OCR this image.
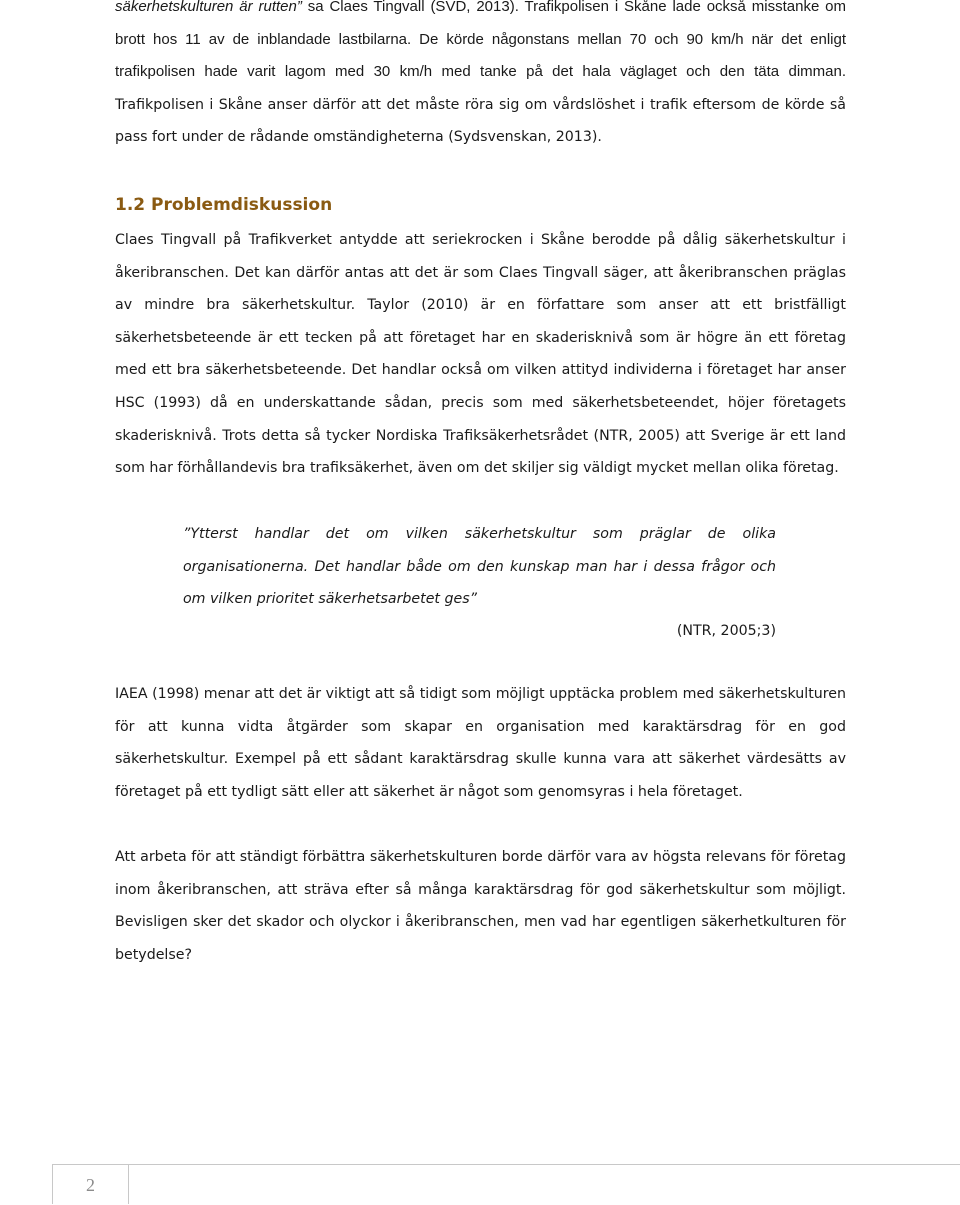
säkerhetskulturen är rutten” sa Claes Tingvall (SVD, 2013). Trafikpolisen i Skåne lade också misstanke om brott hos 11 av de inblandade lastbilarna. De körde någonstans mellan 70 och 90 km/h när det enligt trafikpolisen hade varit lagom med 30 km/h med tanke på det hala väglaget och den täta dimman. Trafikpolisen i Skåne anser därför att det måste röra sig om vårdslöshet i trafik eftersom de körde så pass fort under de rådande omständigheterna (Sydsvenskan, 2013).

1.2 Problemdiskussion

Claes Tingvall på Trafikverket antydde att seriekrocken i Skåne berodde på dålig säkerhetskultur i åkeribranschen. Det kan därför antas att det är som Claes Tingvall säger, att åkeribranschen präglas av mindre bra säkerhetskultur. Taylor (2010) är en författare som anser att ett bristfälligt säkerhetsbeteende är ett tecken på att företaget har en skaderisknivå som är högre än ett företag med ett bra säkerhetsbeteende. Det handlar också om vilken attityd individerna i företaget har anser HSC (1993) då en underskattande sådan, precis som med säkerhetsbeteendet, höjer företagets skaderisknivå. Trots detta så tycker Nordiska Trafiksäkerhetsrådet (NTR, 2005) att Sverige är ett land som har förhållandevis bra trafiksäkerhet, även om det skiljer sig väldigt mycket mellan olika företag.

”Ytterst handlar det om vilken säkerhetskultur som präglar de olika organisationerna. Det handlar både om den kunskap man har i dessa frågor och om vilken prioritet säkerhetsarbetet ges”

(NTR, 2005;3)

IAEA (1998) menar att det är viktigt att så tidigt som möjligt upptäcka problem med säkerhetskulturen för att kunna vidta åtgärder som skapar en organisation med karaktärsdrag för en god säkerhetskultur. Exempel på ett sådant karaktärsdrag skulle kunna vara att säkerhet värdesätts av företaget på ett tydligt sätt eller att säkerhet är något som genomsyras i hela företaget.

Att arbeta för att ständigt förbättra säkerhetskulturen borde därför vara av högsta relevans för företag inom åkeribranschen, att sträva efter så många karaktärsdrag för god säkerhetskultur som möjligt. Bevisligen sker det skador och olyckor i åkeribranschen, men vad har egentligen säkerhetkulturen för betydelse?

2
